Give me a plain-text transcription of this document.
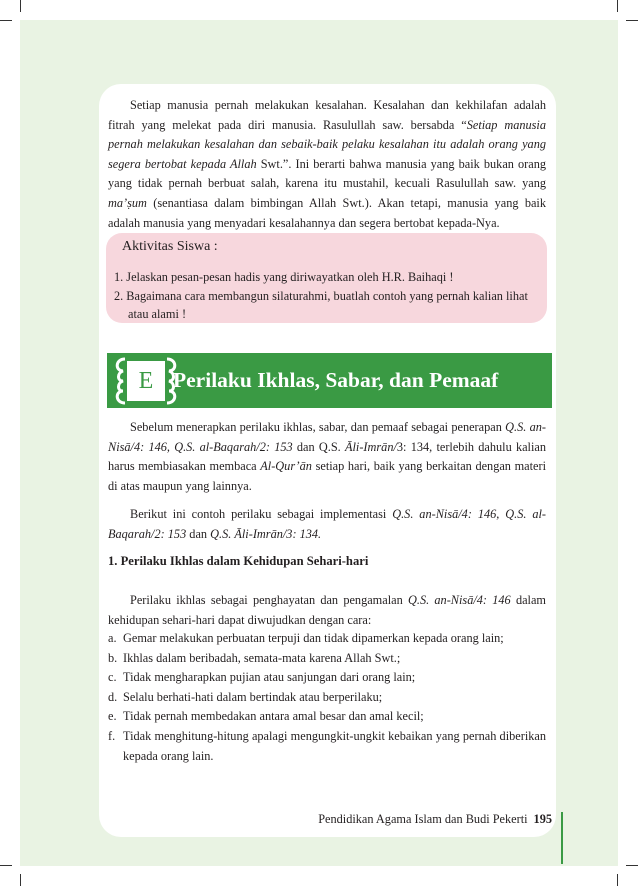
Setiap manusia pernah melakukan kesalahan. Kesalahan dan kekhilafan adalah fitrah yang melekat pada diri manusia. Rasulullah saw. bersabda “Setiap manusia pernah melakukan kesalahan dan sebaik-baik pelaku kesalahan itu adalah orang yang segera bertobat kepada Allah Swt.”. Ini berarti bahwa manusia yang baik bukan orang yang tidak pernah berbuat salah, karena itu mustahil, kecuali Rasulullah saw. yang ma’ṣum (senantiasa dalam bimbingan Allah Swt.). Akan tetapi, manusia yang baik adalah manusia yang menyadari kesalahannya dan segera bertobat kepada-Nya.

Aktivitas Siswa :
1. Jelaskan pesan-pesan hadis yang diriwayatkan oleh H.R. Baihaqi !
2. Bagaimana cara membangun silaturahmi, buatlah contoh yang pernah kalian lihat atau alami !
E Perilaku Ikhlas, Sabar, dan Pemaaf

Sebelum menerapkan perilaku ikhlas, sabar, dan pemaaf sebagai penerapan Q.S. an-Nisā/4: 146, Q.S. al-Baqarah/2: 153 dan Q.S. Āli-Imrān/3: 134, terlebih dahulu kalian harus membiasakan membaca Al-Qur’ān setiap hari, baik yang berkaitan dengan materi di atas maupun yang lainnya.

Berikut ini contoh perilaku sebagai implementasi Q.S. an-Nisā/4: 146, Q.S. al-Baqarah/2: 153 dan Q.S. Āli-Imrān/3: 134.

1. Perilaku Ikhlas dalam Kehidupan Sehari-hari

Perilaku ikhlas sebagai penghayatan dan pengamalan Q.S. an-Nisā/4: 146 dalam kehidupan sehari-hari dapat diwujudkan dengan cara:

a. Gemar melakukan perbuatan terpuji dan tidak dipamerkan kepada orang lain;
b. Ikhlas dalam beribadah, semata-mata karena Allah Swt.;
c. Tidak mengharapkan pujian atau sanjungan dari orang lain;
d. Selalu berhati-hati dalam bertindak atau berperilaku;
e. Tidak pernah membedakan antara amal besar dan amal kecil;
f. Tidak menghitung-hitung apalagi mengungkit-ungkit kebaikan yang pernah diberikan kepada orang lain.
Pendidikan Agama Islam dan Budi Pekerti 195
